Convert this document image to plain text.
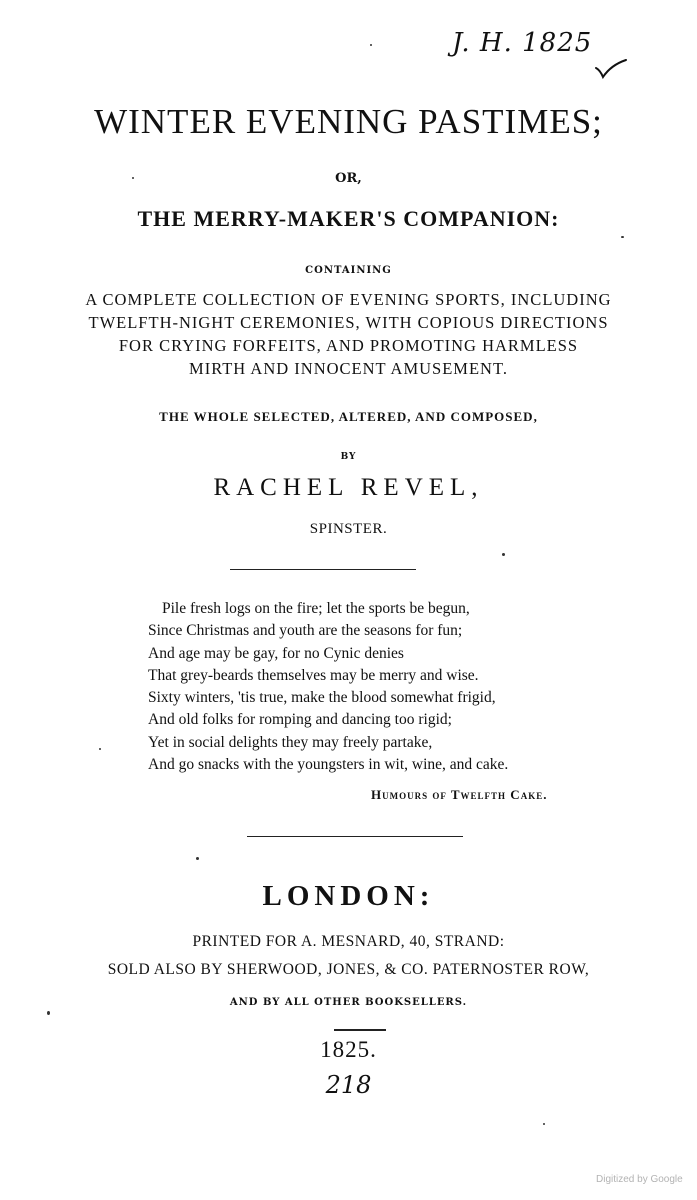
J. H. 1825
WINTER EVENING PASTIMES;
OR,
THE MERRY-MAKER'S COMPANION:
CONTAINING
A COMPLETE COLLECTION OF EVENING SPORTS, INCLUDING
TWELFTH-NIGHT CEREMONIES, WITH COPIOUS DIRECTIONS
FOR CRYING FORFEITS, AND PROMOTING HARMLESS
MIRTH AND INNOCENT AMUSEMENT.
THE WHOLE SELECTED, ALTERED, AND COMPOSED,
BY
RACHEL REVEL,
SPINSTER.
Pile fresh logs on the fire; let the sports be begun,
Since Christmas and youth are the seasons for fun;
And age may be gay, for no Cynic denies
That grey-beards themselves may be merry and wise.
Sixty winters, 'tis true, make the blood somewhat frigid,
And old folks for romping and dancing too rigid;
Yet in social delights they may freely partake,
And go snacks with the youngsters in wit, wine, and cake.
Humours of Twelfth Cake.
LONDON:
PRINTED FOR A. MESNARD, 40, STRAND:
SOLD ALSO BY SHERWOOD, JONES, & CO. PATERNOSTER ROW,
AND BY ALL OTHER BOOKSELLERS.
1825.
218
Digitized by Google
